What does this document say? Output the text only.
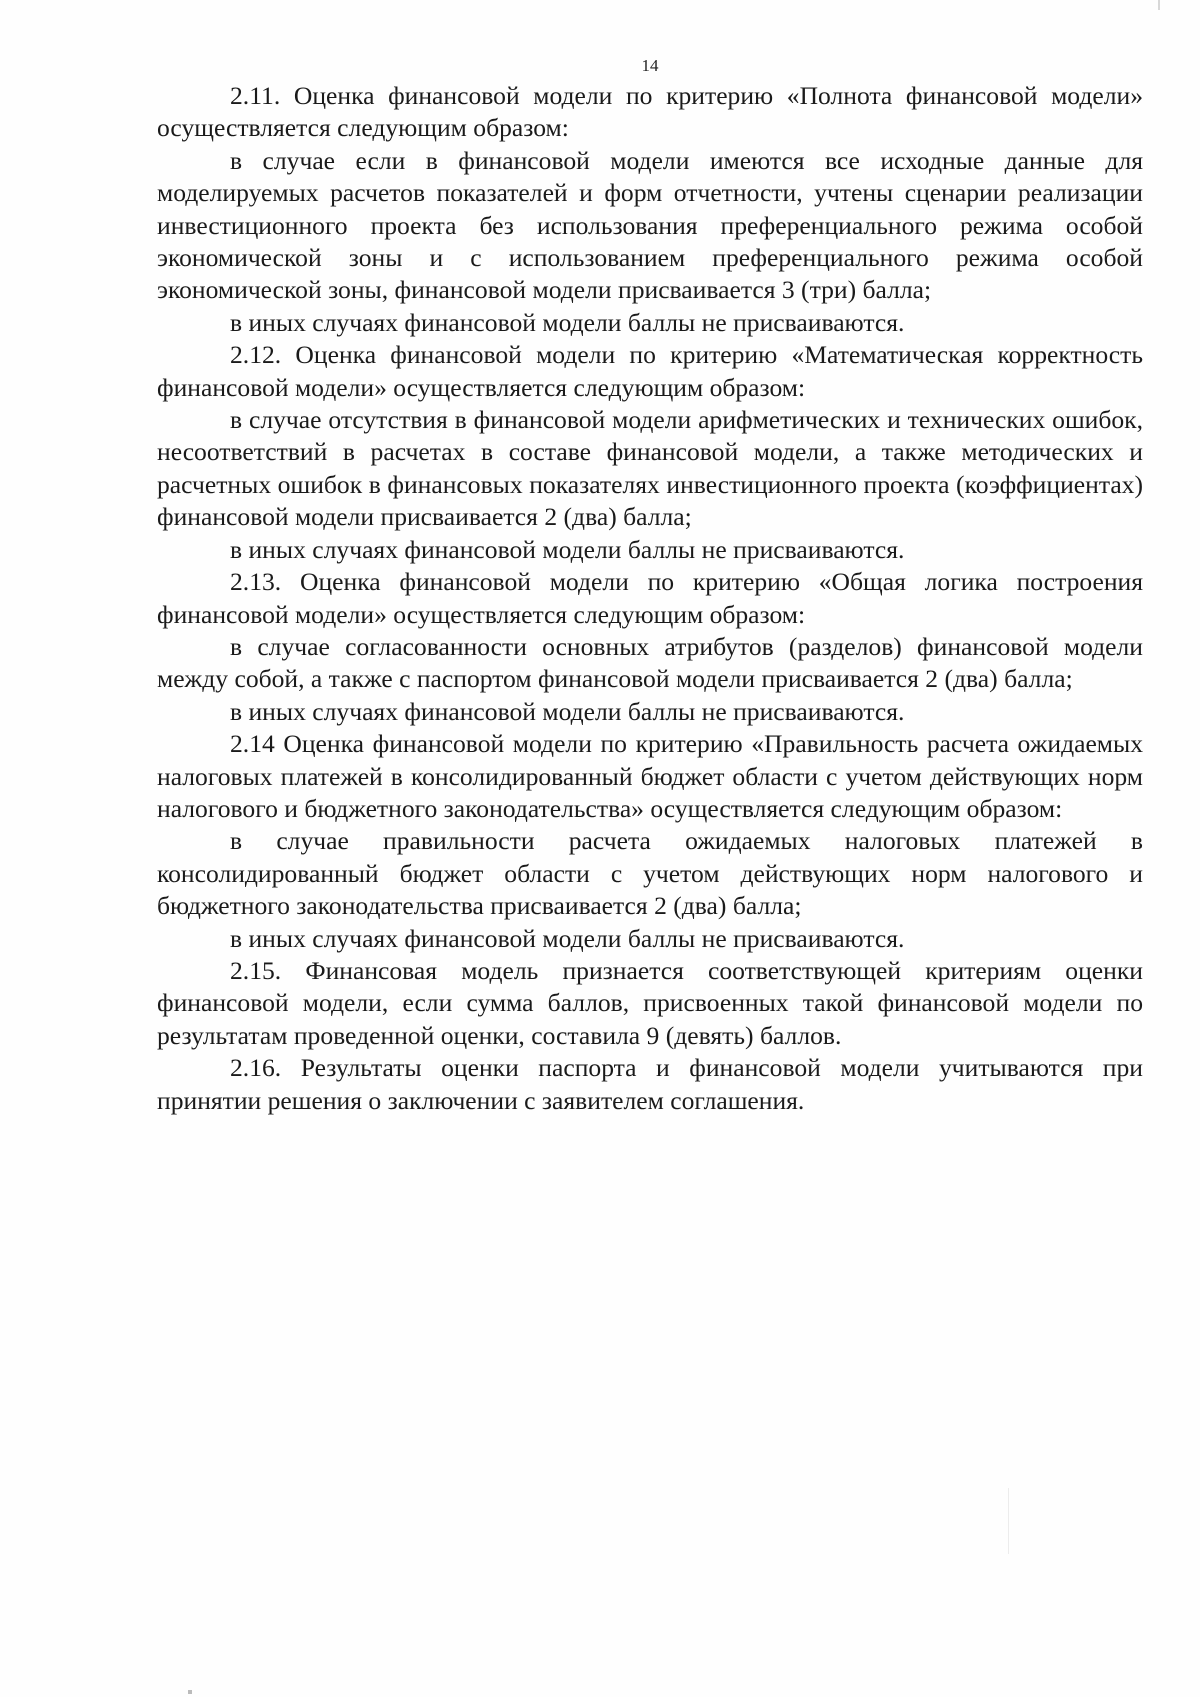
14

2.11. Оценка финансовой модели по критерию «Полнота финансовой модели» осуществляется следующим образом:

в случае если в финансовой модели имеются все исходные данные для моделируемых расчетов показателей и форм отчетности, учтены сценарии реализации инвестиционного проекта без использования преференциального режима особой экономической зоны и с использованием преференциального режима особой экономической зоны, финансовой модели присваивается 3 (три) балла;

в иных случаях финансовой модели баллы не присваиваются.

2.12. Оценка финансовой модели по критерию «Математическая корректность финансовой модели» осуществляется следующим образом:

в случае отсутствия в финансовой модели арифметических и технических ошибок, несоответствий в расчетах в составе финансовой модели, а также методических и расчетных ошибок в финансовых показателях инвестиционного проекта (коэффициентах) финансовой модели присваивается 2 (два) балла;

в иных случаях финансовой модели баллы не присваиваются.

2.13. Оценка финансовой модели по критерию «Общая логика построения финансовой модели» осуществляется следующим образом:

в случае согласованности основных атрибутов (разделов) финансовой модели между собой, а также с паспортом финансовой модели присваивается 2 (два) балла;

в иных случаях финансовой модели баллы не присваиваются.

2.14 Оценка финансовой модели по критерию «Правильность расчета ожидаемых налоговых платежей в консолидированный бюджет области с учетом действующих норм налогового и бюджетного законодательства» осуществляется следующим образом:

в случае правильности расчета ожидаемых налоговых платежей в консолидированный бюджет области с учетом действующих норм налогового и бюджетного законодательства присваивается 2 (два) балла;

в иных случаях финансовой модели баллы не присваиваются.

2.15. Финансовая модель признается соответствующей критериям оценки финансовой модели, если сумма баллов, присвоенных такой финансовой модели по результатам проведенной оценки, составила 9 (девять) баллов.

2.16. Результаты оценки паспорта и финансовой модели учитываются при принятии решения о заключении с заявителем соглашения.
